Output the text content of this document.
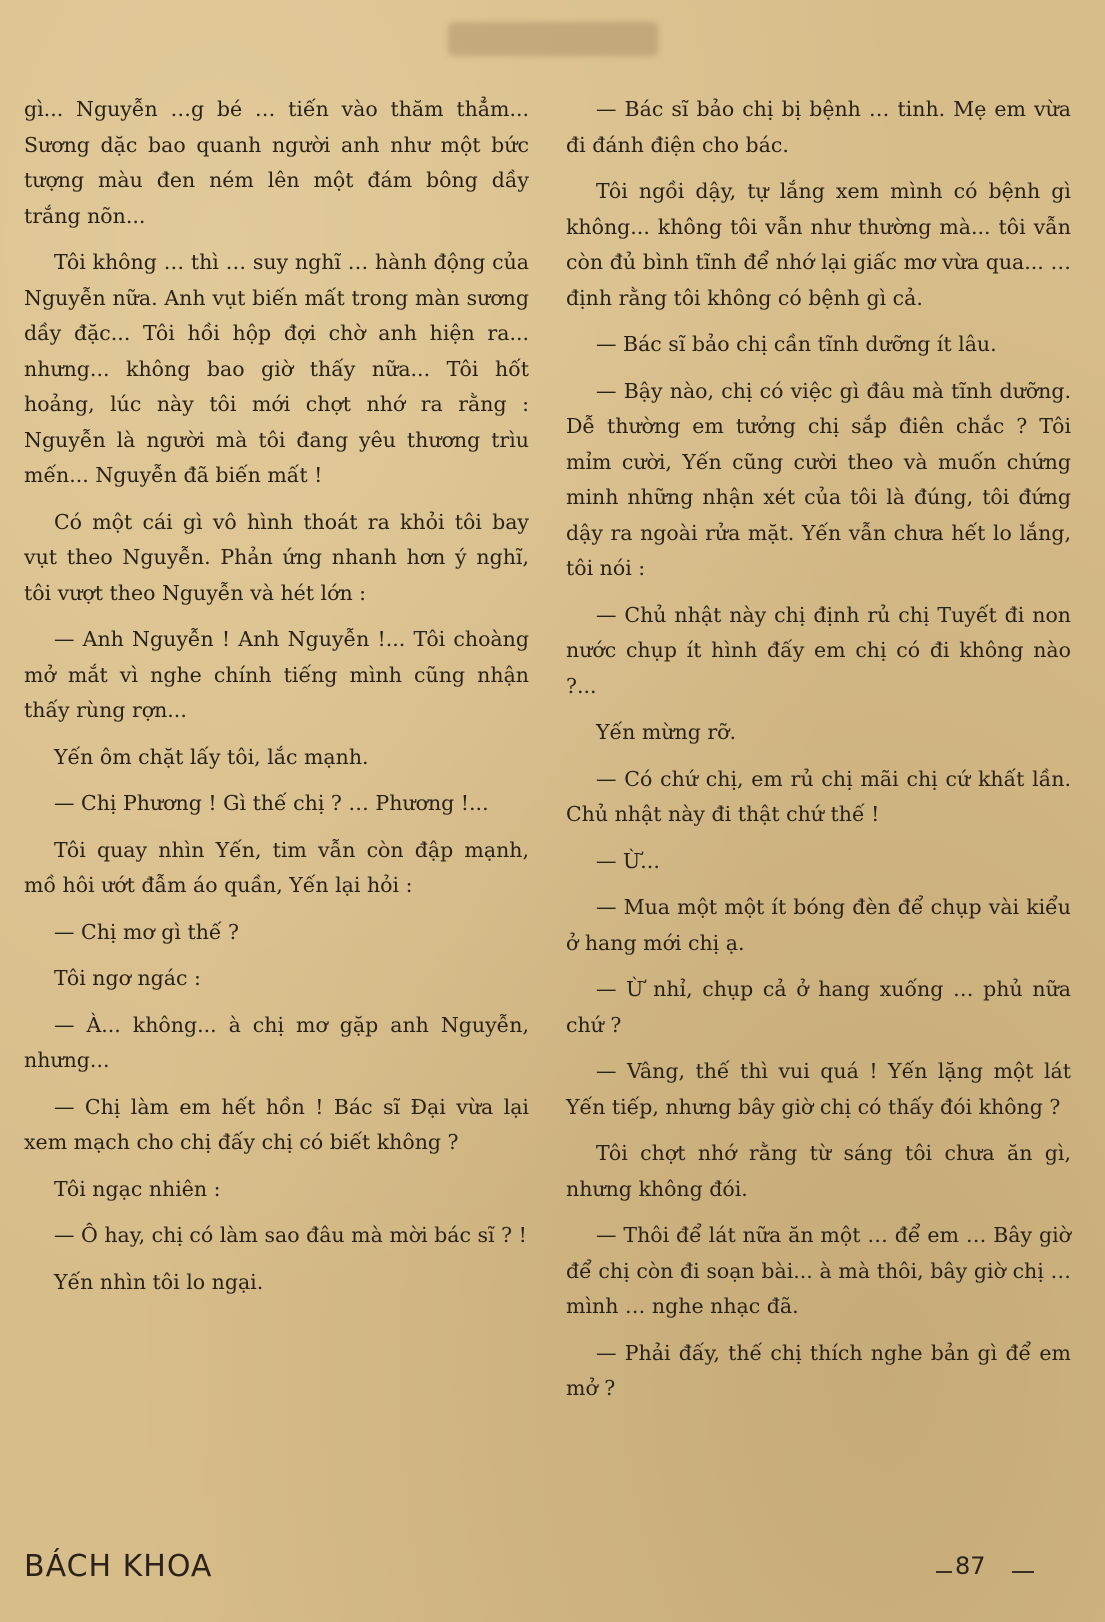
gì... Nguyễn …g bé … tiến vào thăm thẳm... Sương dặc bao quanh người anh như một bức tượng màu đen ném lên một đám bông dầy trắng nõn...

Tôi không … thì … suy nghĩ … hành động của Nguyễn nữa. Anh vụt biến mất trong màn sương dầy đặc... Tôi hồi hộp đợi chờ anh hiện ra... nhưng... không bao giờ thấy nữa... Tôi hốt hoảng, lúc này tôi mới chợt nhớ ra rằng : Nguyễn là người mà tôi đang yêu thương trìu mến... Nguyễn đã biến mất !

Có một cái gì vô hình thoát ra khỏi tôi bay vụt theo Nguyễn. Phản ứng nhanh hơn ý nghĩ, tôi vượt theo Nguyễn và hét lớn :

— Anh Nguyễn ! Anh Nguyễn !... Tôi choàng mở mắt vì nghe chính tiếng mình cũng nhận thấy rùng rợn...

Yến ôm chặt lấy tôi, lắc mạnh.

— Chị Phương ! Gì thế chị ? … Phương !...

Tôi quay nhìn Yến, tim vẫn còn đập mạnh, mồ hôi ướt đẫm áo quần, Yến lại hỏi :

— Chị mơ gì thế ?

Tôi ngơ ngác :

— À... không... à chị mơ gặp anh Nguyễn, nhưng...

— Chị làm em hết hồn ! Bác sĩ Đại vừa lại xem mạch cho chị đấy chị có biết không ?

Tôi ngạc nhiên :

— Ô hay, chị có làm sao đâu mà mời bác sĩ ? !

Yến nhìn tôi lo ngại.

— Bác sĩ bảo chị bị bệnh … tinh. Mẹ em vừa đi đánh điện cho bác.

Tôi ngồi dậy, tự lắng xem mình có bệnh gì không... không tôi vẫn như thường mà... tôi vẫn còn đủ bình tĩnh để nhớ lại giấc mơ vừa qua... … định rằng tôi không có bệnh gì cả.

— Bác sĩ bảo chị cần tĩnh dưỡng ít lâu.

— Bậy nào, chị có việc gì đâu mà tĩnh dưỡng. Dễ thường em tưởng chị sắp điên chắc ? Tôi mỉm cười, Yến cũng cười theo và muốn chứng minh những nhận xét của tôi là đúng, tôi đứng dậy ra ngoài rửa mặt. Yến vẫn chưa hết lo lắng, tôi nói :

— Chủ nhật này chị định rủ chị Tuyết đi non nước chụp ít hình đấy em chị có đi không nào ?...

Yến mừng rỡ.

— Có chứ chị, em rủ chị mãi chị cứ khất lần. Chủ nhật này đi thật chứ thế !

— Ừ...

— Mua một một ít bóng đèn để chụp vài kiểu ở hang mới chị ạ.

— Ừ nhỉ, chụp cả ở hang xuống … phủ nữa chứ ?

— Vâng, thế thì vui quá ! Yến lặng một lát Yến tiếp, nhưng bây giờ chị có thấy đói không ?

Tôi chợt nhớ rằng từ sáng tôi chưa ăn gì, nhưng không đói.

— Thôi để lát nữa ăn một … để em … Bây giờ để chị còn đi soạn bài... à mà thôi, bây giờ chị … mình … nghe nhạc đã.

— Phải đấy, thế chị thích nghe bản gì để em mở ?

BÁCH KHOA	87
